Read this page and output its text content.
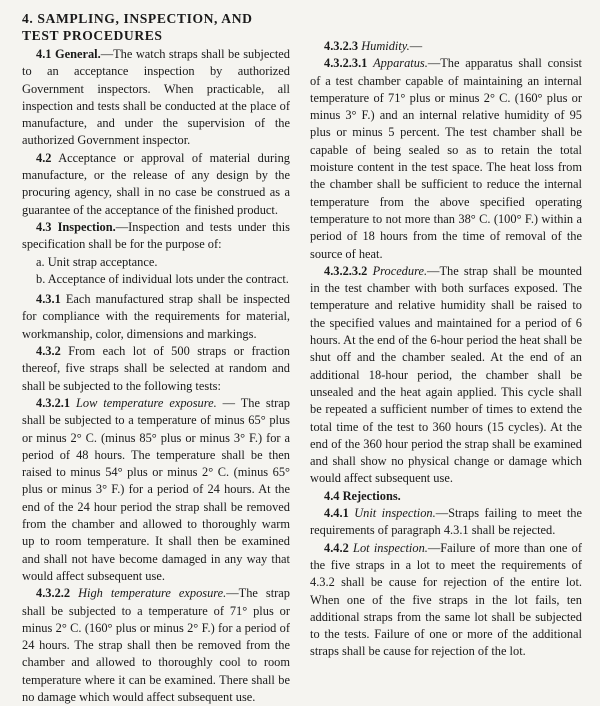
4. SAMPLING, INSPECTION, AND TEST PROCEDURES

4.1 General.—The watch straps shall be subjected to an acceptance inspection by authorized Government inspectors. When practicable, all inspection and tests shall be conducted at the place of manufacture, and under the supervision of the authorized Government inspector.

4.2 Acceptance or approval of material during manufacture, or the release of any design by the procuring agency, shall in no case be construed as a guarantee of the acceptance of the finished product.

4.3 Inspection.—Inspection and tests under this specification shall be for the purpose of:

a. Unit strap acceptance.

b. Acceptance of individual lots under the contract.

4.3.1 Each manufactured strap shall be inspected for compliance with the requirements for material, workmanship, color, dimensions and markings.

4.3.2 From each lot of 500 straps or fraction thereof, five straps shall be selected at random and shall be subjected to the following tests:

4.3.2.1 Low temperature exposure. — The strap shall be subjected to a temperature of minus 65° plus or minus 2° C. (minus 85° plus or minus 3° F.) for a period of 48 hours. The temperature shall be then raised to minus 54° plus or minus 2° C. (minus 65° plus or minus 3° F.) for a period of 24 hours. At the end of the 24 hour period the strap shall be removed from the chamber and allowed to thoroughly warm up to room temperature. It shall then be examined and shall not have become damaged in any way that would affect subsequent use.

4.3.2.2 High temperature exposure.—The strap shall be subjected to a temperature of 71° plus or minus 2° C. (160° plus or minus 2° F.) for a period of 24 hours. The strap shall then be removed from the chamber and allowed to thoroughly cool to room temperature where it can be examined. There shall be no damage which would affect subsequent use.

4.3.2.3 Humidity.—

4.3.2.3.1 Apparatus.—The apparatus shall consist of a test chamber capable of maintaining an internal temperature of 71° plus or minus 2° C. (160° plus or minus 3° F.) and an internal relative humidity of 95 plus or minus 5 percent. The test chamber shall be capable of being sealed so as to retain the total moisture content in the test space. The heat loss from the chamber shall be sufficient to reduce the internal temperature from the above specified operating temperature to not more than 38° C. (100° F.) within a period of 18 hours from the time of removal of the source of heat.

4.3.2.3.2 Procedure.—The strap shall be mounted in the test chamber with both surfaces exposed. The temperature and relative humidity shall be raised to the specified values and maintained for a period of 6 hours. At the end of the 6-hour period the heat shall be shut off and the chamber sealed. At the end of an additional 18-hour period, the chamber shall be unsealed and the heat again applied. This cycle shall be repeated a sufficient number of times to extend the total time of the test to 360 hours (15 cycles). At the end of the 360 hour period the strap shall be examined and shall show no physical change or damage which would affect subsequent use.

4.4 Rejections.

4.4.1 Unit inspection.—Straps failing to meet the requirements of paragraph 4.3.1 shall be rejected.

4.4.2 Lot inspection.—Failure of more than one of the five straps in a lot to meet the requirements of 4.3.2 shall be cause for rejection of the entire lot. When one of the five straps in the lot fails, ten additional straps from the same lot shall be subjected to the tests. Failure of one or more of the additional straps shall be cause for rejection of the lot.
